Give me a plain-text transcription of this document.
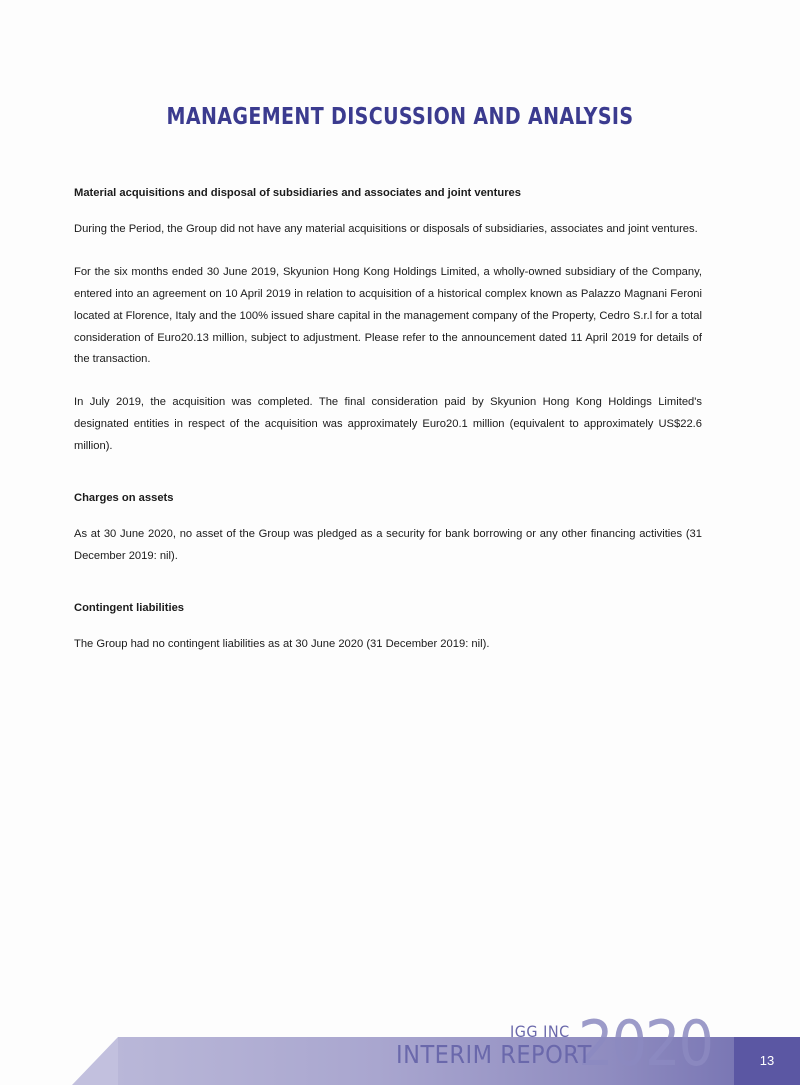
MANAGEMENT DISCUSSION AND ANALYSIS
Material acquisitions and disposal of subsidiaries and associates and joint ventures

During the Period, the Group did not have any material acquisitions or disposals of subsidiaries, associates and joint ventures.

For the six months ended 30 June 2019, Skyunion Hong Kong Holdings Limited, a wholly-owned subsidiary of the Company, entered into an agreement on 10 April 2019 in relation to acquisition of a historical complex known as Palazzo Magnani Feroni located at Florence, Italy and the 100% issued share capital in the management company of the Property, Cedro S.r.l for a total consideration of Euro20.13 million, subject to adjustment. Please refer to the announcement dated 11 April 2019 for details of the transaction.

In July 2019, the acquisition was completed. The final consideration paid by Skyunion Hong Kong Holdings Limited's designated entities in respect of the acquisition was approximately Euro20.1 million (equivalent to approximately US$22.6 million).

Charges on assets

As at 30 June 2020, no asset of the Group was pledged as a security for bank borrowing or any other financing activities (31 December 2019: nil).

Contingent liabilities

The Group had no contingent liabilities as at 30 June 2020 (31 December 2019: nil).

2020
IGG INC
INTERIM REPORT	13
